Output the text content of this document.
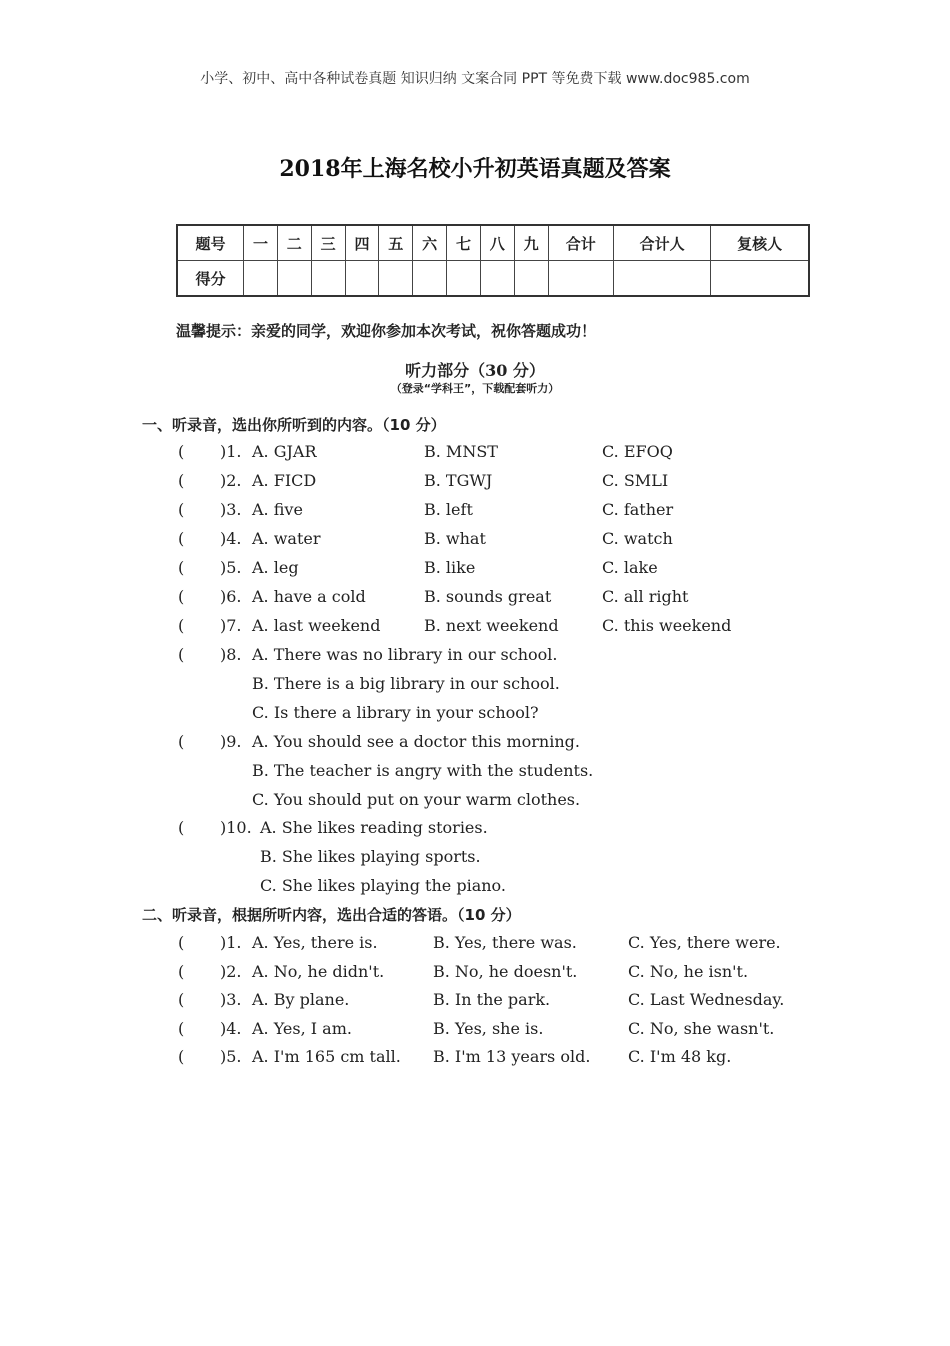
小学、初中、高中各种试卷真题 知识归纳 文案合同 PPT 等免费下载 www.doc985.com
2018年上海名校小升初英语真题及答案
题号	一	二	三	四	五	六	七	八	九	合计	合计人	复核人
得分												
温馨提示：亲爱的同学，欢迎你参加本次考试，祝你答题成功！
听力部分（30 分）
（登录“学科王”，下载配套听力）
一、听录音，选出你所听到的内容。（10 分）
( )1. A. GJAR	B. MNST	C. EFOQ
( )2. A. FICD	B. TGWJ	C. SMLI
( )3. A. five	B. left	C. father
( )4. A. water	B. what	C. watch
( )5. A. leg	B. like	C. lake
( )6. A. have a cold	B. sounds great	C. all right
( )7. A. last weekend	B. next weekend	C. this weekend
( )8. A. There was no library in our school.
B. There is a big library in our school.
C. Is there a library in your school?
( )9. A. You should see a doctor this morning.
B. The teacher is angry with the students.
C. You should put on your warm clothes.
( )10. A. She likes reading stories.
B. She likes playing sports.
C. She likes playing the piano.
二、听录音，根据所听内容，选出合适的答语。（10 分）
( )1. A. Yes, there is.	B. Yes, there was.	C. Yes, there were.
( )2. A. No, he didn't.	B. No, he doesn't.	C. No, he isn't.
( )3. A. By plane.	B. In the park.	C. Last Wednesday.
( )4. A. Yes, I am.	B. Yes, she is.	C. No, she wasn't.
( )5. A. I'm 165 cm tall. B. I'm 13 years old. C. I'm 48 kg.
